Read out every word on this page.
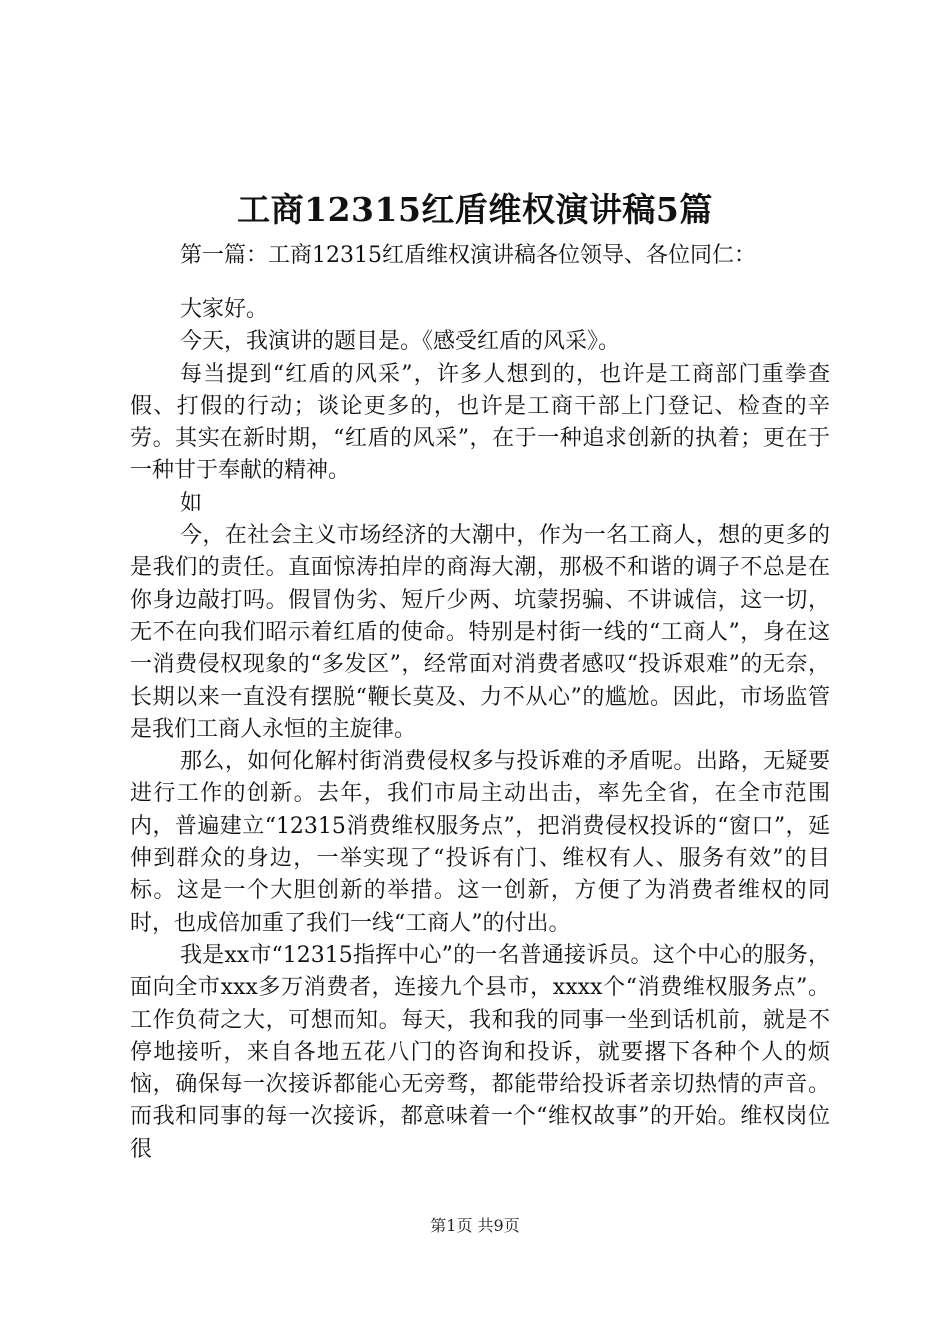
工商12315红盾维权演讲稿5篇
第一篇：工商12315红盾维权演讲稿各位领导、各位同仁：

大家好。

今天，我演讲的题目是。《感受红盾的风采》。

每当提到“红盾的风采”，许多人想到的，也许是工商部门重拳查假、打假的行动；谈论更多的，也许是工商干部上门登记、检查的辛劳。其实在新时期，“红盾的风采”，在于一种追求创新的执着；更在于一种甘于奉献的精神。

如

今，在社会主义市场经济的大潮中，作为一名工商人，想的更多的是我们的责任。直面惊涛拍岸的商海大潮，那极不和谐的调子不总是在你身边敲打吗。假冒伪劣、短斤少两、坑蒙拐骗、不讲诚信，这一切，无不在向我们昭示着红盾的使命。特别是村街一线的“工商人”，身在这一消费侵权现象的“多发区”，经常面对消费者感叹“投诉艰难”的无奈，长期以来一直没有摆脱“鞭长莫及、力不从心”的尴尬。因此，市场监管是我们工商人永恒的主旋律。

那么，如何化解村街消费侵权多与投诉难的矛盾呢。出路，无疑要进行工作的创新。去年，我们市局主动出击，率先全省，在全市范围内，普遍建立“12315消费维权服务点”，把消费侵权投诉的“窗口”，延伸到群众的身边，一举实现了“投诉有门、维权有人、服务有效”的目标。这是一个大胆创新的举措。这一创新，方便了为消费者维权的同时，也成倍加重了我们一线“工商人”的付出。

我是xx市“12315指挥中心”的一名普通接诉员。这个中心的服务，面向全市xxx多万消费者，连接九个县市，xxxx个“消费维权服务点”。工作负荷之大，可想而知。每天，我和我的同事一坐到话机前，就是不停地接听，来自各地五花八门的咨询和投诉，就要撂下各种个人的烦恼，确保每一次接诉都能心无旁骛，都能带给投诉者亲切热情的声音。而我和同事的每一次接诉，都意味着一个“维权故事”的开始。维权岗位很

第1页 共9页
